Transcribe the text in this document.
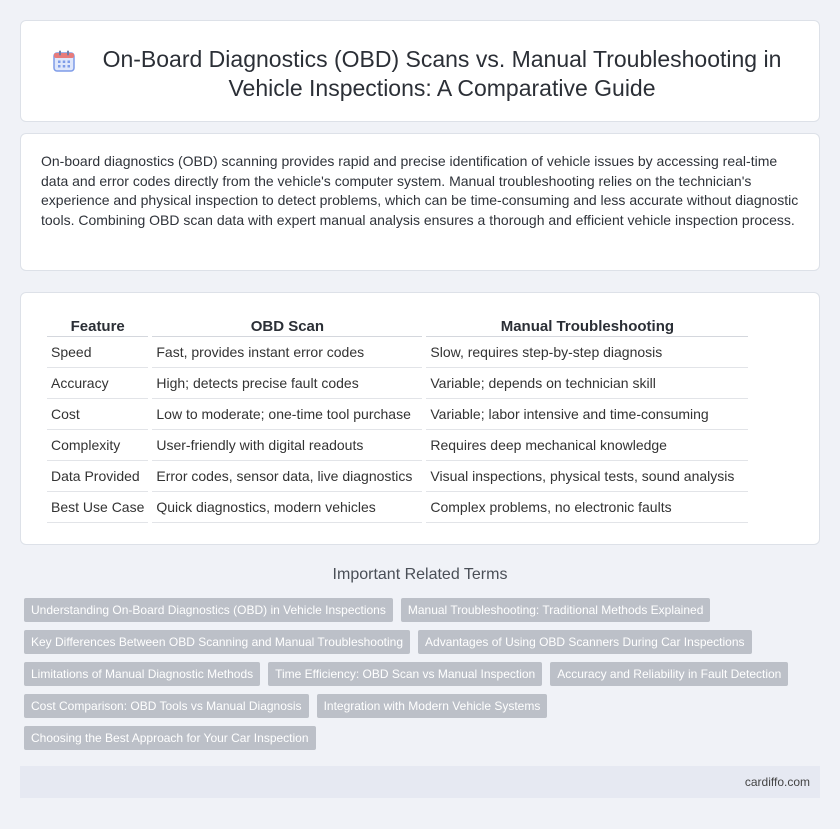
On-Board Diagnostics (OBD) Scans vs. Manual Troubleshooting in Vehicle Inspections: A Comparative Guide

On-board diagnostics (OBD) scanning provides rapid and precise identification of vehicle issues by accessing real-time data and error codes directly from the vehicle's computer system. Manual troubleshooting relies on the technician's experience and physical inspection to detect problems, which can be time-consuming and less accurate without diagnostic tools. Combining OBD scan data with expert manual analysis ensures a thorough and efficient vehicle inspection process.

Feature	OBD Scan	Manual Troubleshooting
Speed	Fast, provides instant error codes	Slow, requires step-by-step diagnosis
Accuracy	High; detects precise fault codes	Variable; depends on technician skill
Cost	Low to moderate; one-time tool purchase	Variable; labor intensive and time-consuming
Complexity	User-friendly with digital readouts	Requires deep mechanical knowledge
Data Provided	Error codes, sensor data, live diagnostics	Visual inspections, physical tests, sound analysis
Best Use Case	Quick diagnostics, modern vehicles	Complex problems, no electronic faults
Important Related Terms
Understanding On-Board Diagnostics (OBD) in Vehicle Inspections	Manual Troubleshooting: Traditional Methods Explained
Key Differences Between OBD Scanning and Manual Troubleshooting	Advantages of Using OBD Scanners During Car Inspections
Limitations of Manual Diagnostic Methods	Time Efficiency: OBD Scan vs Manual Inspection	Accuracy and Reliability in Fault Detection
Cost Comparison: OBD Tools vs Manual Diagnosis	Integration with Modern Vehicle Systems
Choosing the Best Approach for Your Car Inspection
cardiffo.com
